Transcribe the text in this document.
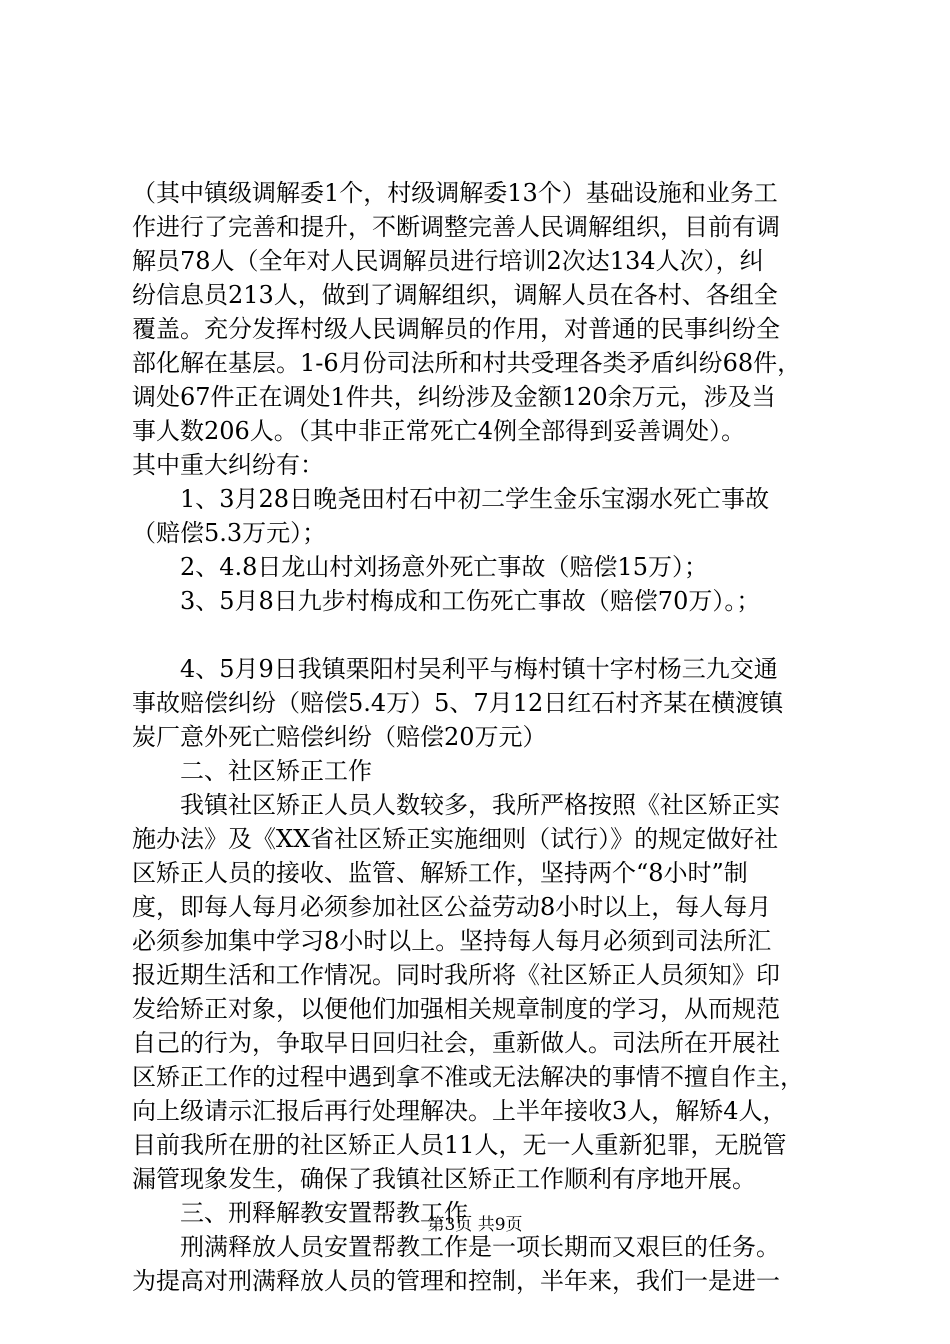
（其中镇级调解委1个，村级调解委13个）基础设施和业务工
作进行了完善和提升，不断调整完善人民调解组织，目前有调
解员78人（全年对人民调解员进行培训2次达134人次），纠
纷信息员213人，做到了调解组织，调解人员在各村、各组全
覆盖。充分发挥村级人民调解员的作用，对普通的民事纠纷全
部化解在基层。1-6月份司法所和村共受理各类矛盾纠纷68件，
调处67件正在调处1件共，纠纷涉及金额120余万元，涉及当
事人数206人。（其中非正常死亡4例全部得到妥善调处）。
其中重大纠纷有：
1、3月28日晚尧田村石中初二学生金乐宝溺水死亡事故
（赔偿5.3万元）；
2、4.8日龙山村刘扬意外死亡事故（赔偿15万）；
3、5月8日九步村梅成和工伤死亡事故（赔偿70万）。；
4、5月9日我镇栗阳村吴利平与梅村镇十字村杨三九交通
事故赔偿纠纷（赔偿5.4万）5、7月12日红石村齐某在横渡镇
炭厂意外死亡赔偿纠纷（赔偿20万元）
二、社区矫正工作
我镇社区矫正人员人数较多，我所严格按照《社区矫正实
施办法》及《XX省社区矫正实施细则（试行）》的规定做好社
区矫正人员的接收、监管、解矫工作，坚持两个“8小时”制
度，即每人每月必须参加社区公益劳动8小时以上，每人每月
必须参加集中学习8小时以上。坚持每人每月必须到司法所汇
报近期生活和工作情况。同时我所将《社区矫正人员须知》印
发给矫正对象，以便他们加强相关规章制度的学习，从而规范
自己的行为，争取早日回归社会，重新做人。司法所在开展社
区矫正工作的过程中遇到拿不准或无法解决的事情不擅自作主，
向上级请示汇报后再行处理解决。上半年接收3人，解矫4人，
目前我所在册的社区矫正人员11人，无一人重新犯罪，无脱管
漏管现象发生，确保了我镇社区矫正工作顺利有序地开展。
三、刑释解教安置帮教工作
刑满释放人员安置帮教工作是一项长期而又艰巨的任务。
为提高对刑满释放人员的管理和控制，半年来，我们一是进一
第3页 共9页
